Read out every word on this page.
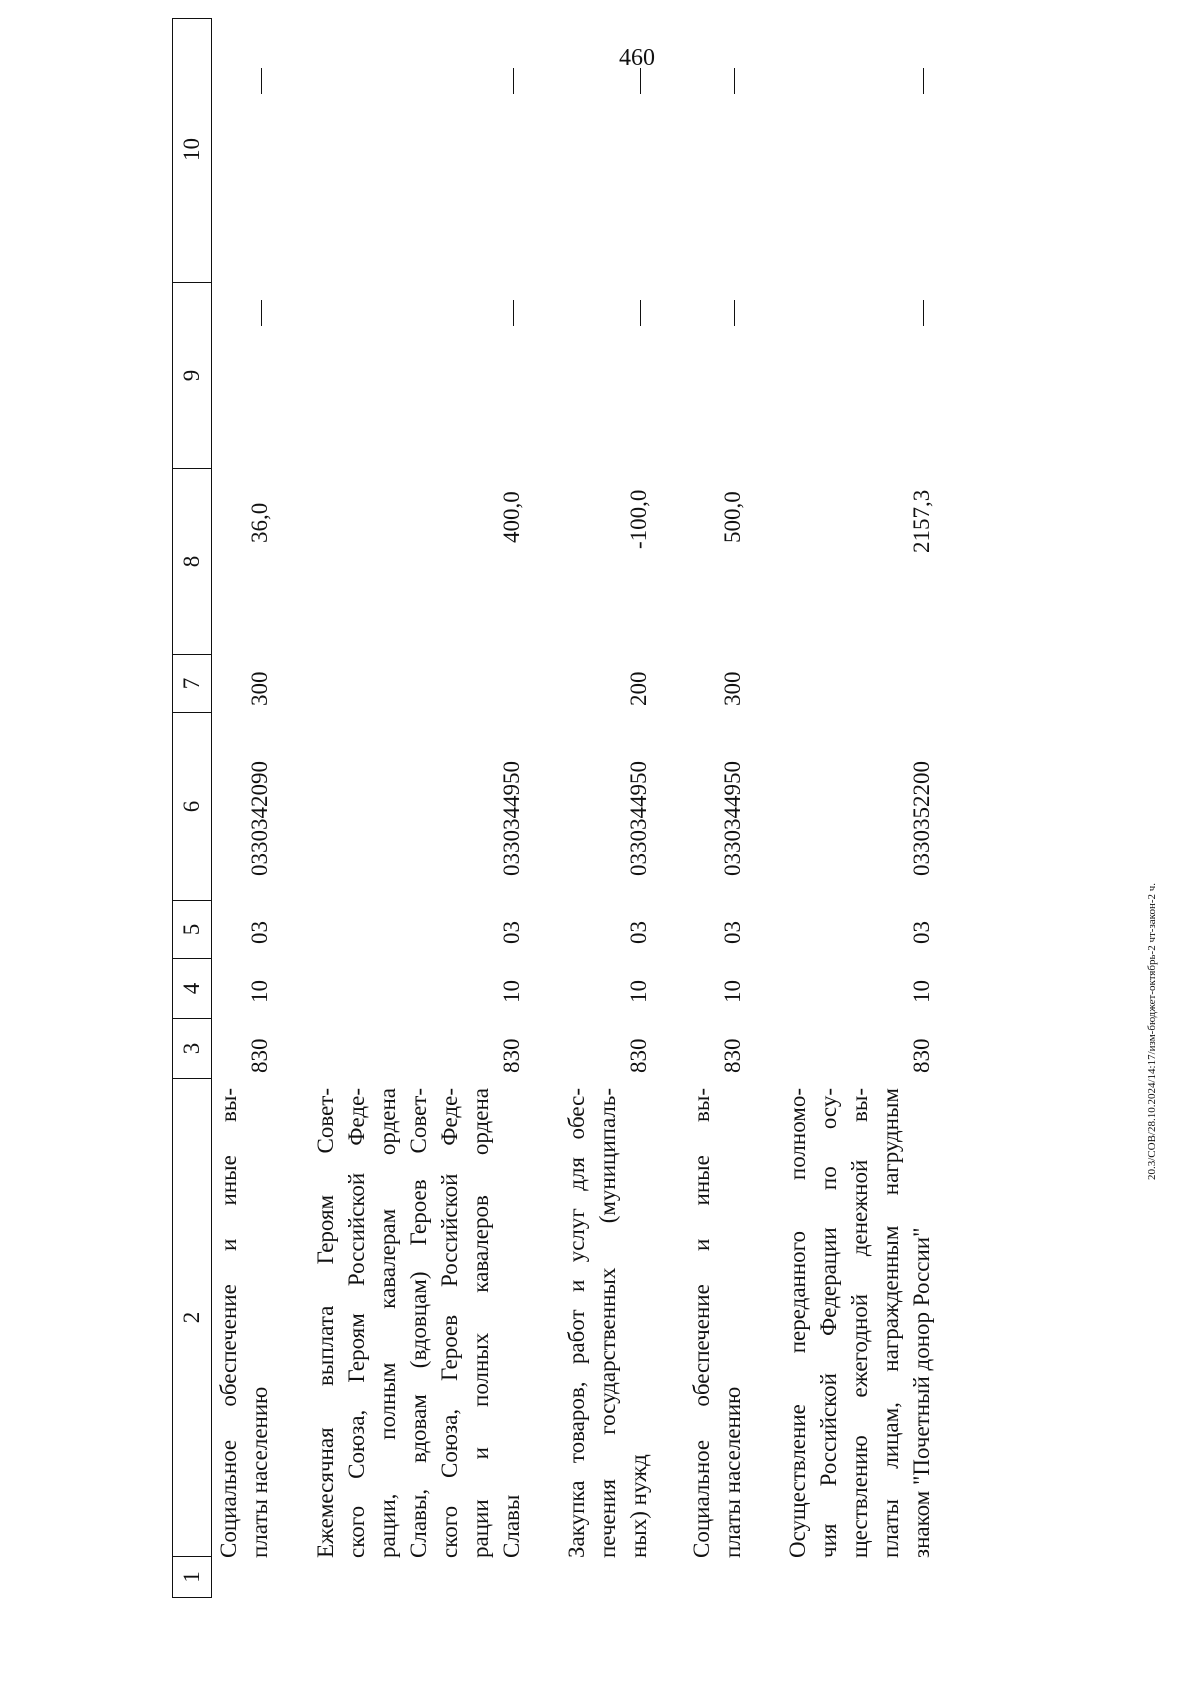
460
20.3/СОВ/28.10.2024/14:17/изм-бюджет-октябрь-2 чт-закон-2 ч.
1
2
3
4
5
6
7
8
9
10
Социальное обеспечение и иные вы- платы населению
830
10
03
0330342090
300
36,0
Ежемесячная выплата Героям Совет- ского Союза, Героям Российской Феде- рации, полным кавалерам ордена Славы, вдовам (вдовцам) Героев Совет- ского Союза, Героев Российской Феде- рации и полных кавалеров ордена Славы
830
10
03
0330344950
400,0
Закупка товаров, работ и услуг для обес- печения государственных (муниципаль- ных) нужд
830
10
03
0330344950
200
-100,0
Социальное обеспечение и иные вы- платы населению
830
10
03
0330344950
300
500,0
Осуществление переданного полномо- чия Российской Федерации по осу- ществлению ежегодной денежной вы- платы лицам, награжденным нагрудным знаком "Почетный донор России"
830
10
03
0330352200
2157,3
